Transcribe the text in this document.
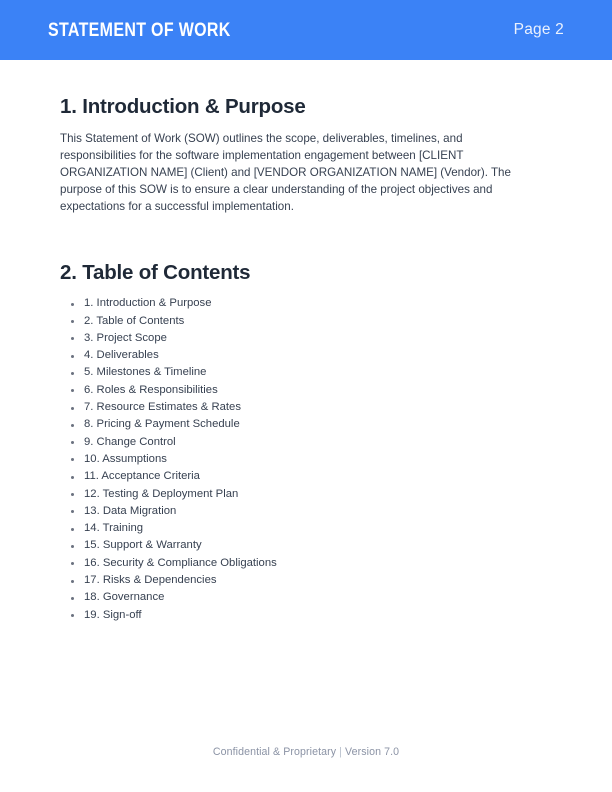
STATEMENT OF WORK	Page 2
1. Introduction & Purpose

This Statement of Work (SOW) outlines the scope, deliverables, timelines, and responsibilities for the software implementation engagement between [CLIENT ORGANIZATION NAME] (Client) and [VENDOR ORGANIZATION NAME] (Vendor). The purpose of this SOW is to ensure a clear understanding of the project objectives and expectations for a successful implementation.

2. Table of Contents
1. Introduction & Purpose
2. Table of Contents
3. Project Scope
4. Deliverables
5. Milestones & Timeline
6. Roles & Responsibilities
7. Resource Estimates & Rates
8. Pricing & Payment Schedule
9. Change Control
10. Assumptions
11. Acceptance Criteria
12. Testing & Deployment Plan
13. Data Migration
14. Training
15. Support & Warranty
16. Security & Compliance Obligations
17. Risks & Dependencies
18. Governance
19. Sign-off
Confidential & Proprietary | Version 7.0
